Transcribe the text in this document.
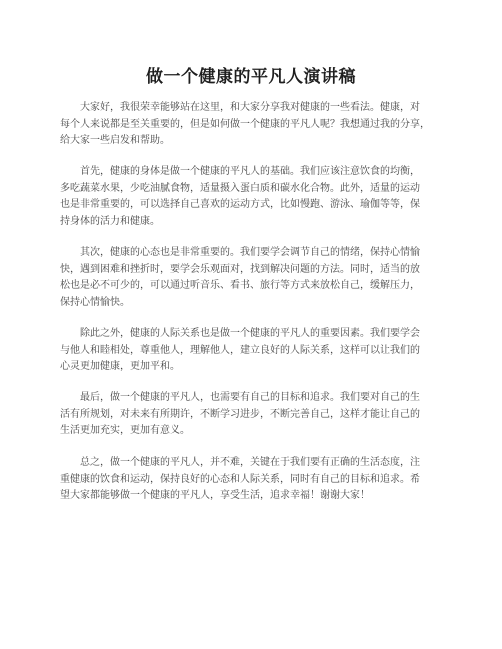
做一个健康的平凡人演讲稿

大家好，我很荣幸能够站在这里，和大家分享我对健康的一些看法。健康，对
每个人来说都是至关重要的，但是如何做一个健康的平凡人呢？我想通过我的分享，
给大家一些启发和帮助。

首先，健康的身体是做一个健康的平凡人的基础。我们应该注意饮食的均衡，
多吃蔬菜水果，少吃油腻食物，适量摄入蛋白质和碳水化合物。此外，适量的运动
也是非常重要的，可以选择自己喜欢的运动方式，比如慢跑、游泳、瑜伽等等，保
持身体的活力和健康。

其次，健康的心态也是非常重要的。我们要学会调节自己的情绪，保持心情愉
快，遇到困难和挫折时，要学会乐观面对，找到解决问题的方法。同时，适当的放
松也是必不可少的，可以通过听音乐、看书、旅行等方式来放松自己，缓解压力，
保持心情愉快。

除此之外，健康的人际关系也是做一个健康的平凡人的重要因素。我们要学会
与他人和睦相处，尊重他人，理解他人，建立良好的人际关系，这样可以让我们的
心灵更加健康，更加平和。

最后，做一个健康的平凡人，也需要有自己的目标和追求。我们要对自己的生
活有所规划，对未来有所期许，不断学习进步，不断完善自己，这样才能让自己的
生活更加充实，更加有意义。

总之，做一个健康的平凡人，并不难，关键在于我们要有正确的生活态度，注
重健康的饮食和运动，保持良好的心态和人际关系，同时有自己的目标和追求。希
望大家都能够做一个健康的平凡人，享受生活，追求幸福！谢谢大家！
